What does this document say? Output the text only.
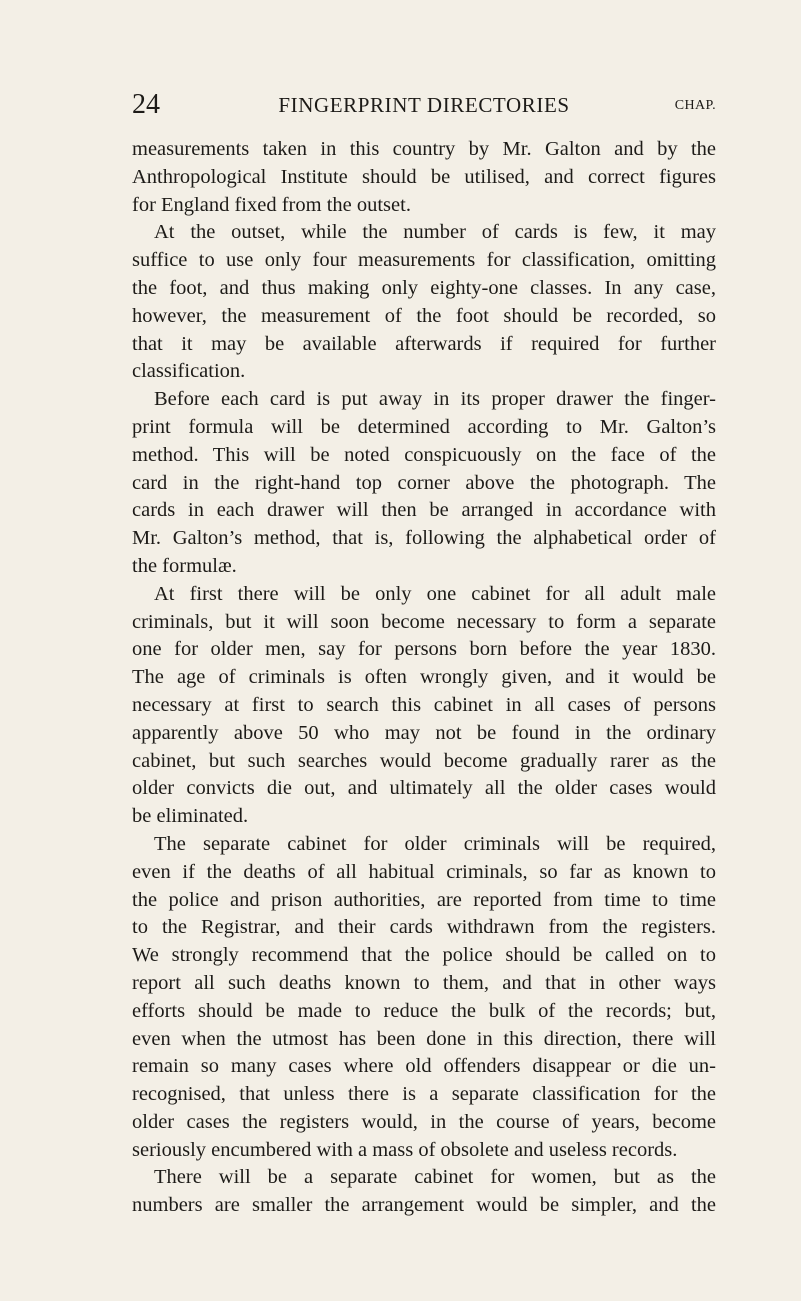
24	FINGERPRINT DIRECTORIES	CHAP.
measurements taken in this country by Mr. Galton and by the
Anthropological Institute should be utilised, and correct figures
for England fixed from the outset.
At the outset, while the number of cards is few, it may
suffice to use only four measurements for classification, omitting
the foot, and thus making only eighty-one classes. In any case,
however, the measurement of the foot should be recorded, so
that it may be available afterwards if required for further
classification.
Before each card is put away in its proper drawer the finger-
print formula will be determined according to Mr. Galton’s
method. This will be noted conspicuously on the face of the
card in the right-hand top corner above the photograph. The
cards in each drawer will then be arranged in accordance with
Mr. Galton’s method, that is, following the alphabetical order of
the formulæ.
At first there will be only one cabinet for all adult male
criminals, but it will soon become necessary to form a separate
one for older men, say for persons born before the year 1830.
The age of criminals is often wrongly given, and it would be
necessary at first to search this cabinet in all cases of persons
apparently above 50 who may not be found in the ordinary
cabinet, but such searches would become gradually rarer as the
older convicts die out, and ultimately all the older cases would
be eliminated.
The separate cabinet for older criminals will be required,
even if the deaths of all habitual criminals, so far as known to
the police and prison authorities, are reported from time to time
to the Registrar, and their cards withdrawn from the registers.
We strongly recommend that the police should be called on to
report all such deaths known to them, and that in other ways
efforts should be made to reduce the bulk of the records; but,
even when the utmost has been done in this direction, there will
remain so many cases where old offenders disappear or die un-
recognised, that unless there is a separate classification for the
older cases the registers would, in the course of years, become
seriously encumbered with a mass of obsolete and useless records.
There will be a separate cabinet for women, but as the
numbers are smaller the arrangement would be simpler, and the
